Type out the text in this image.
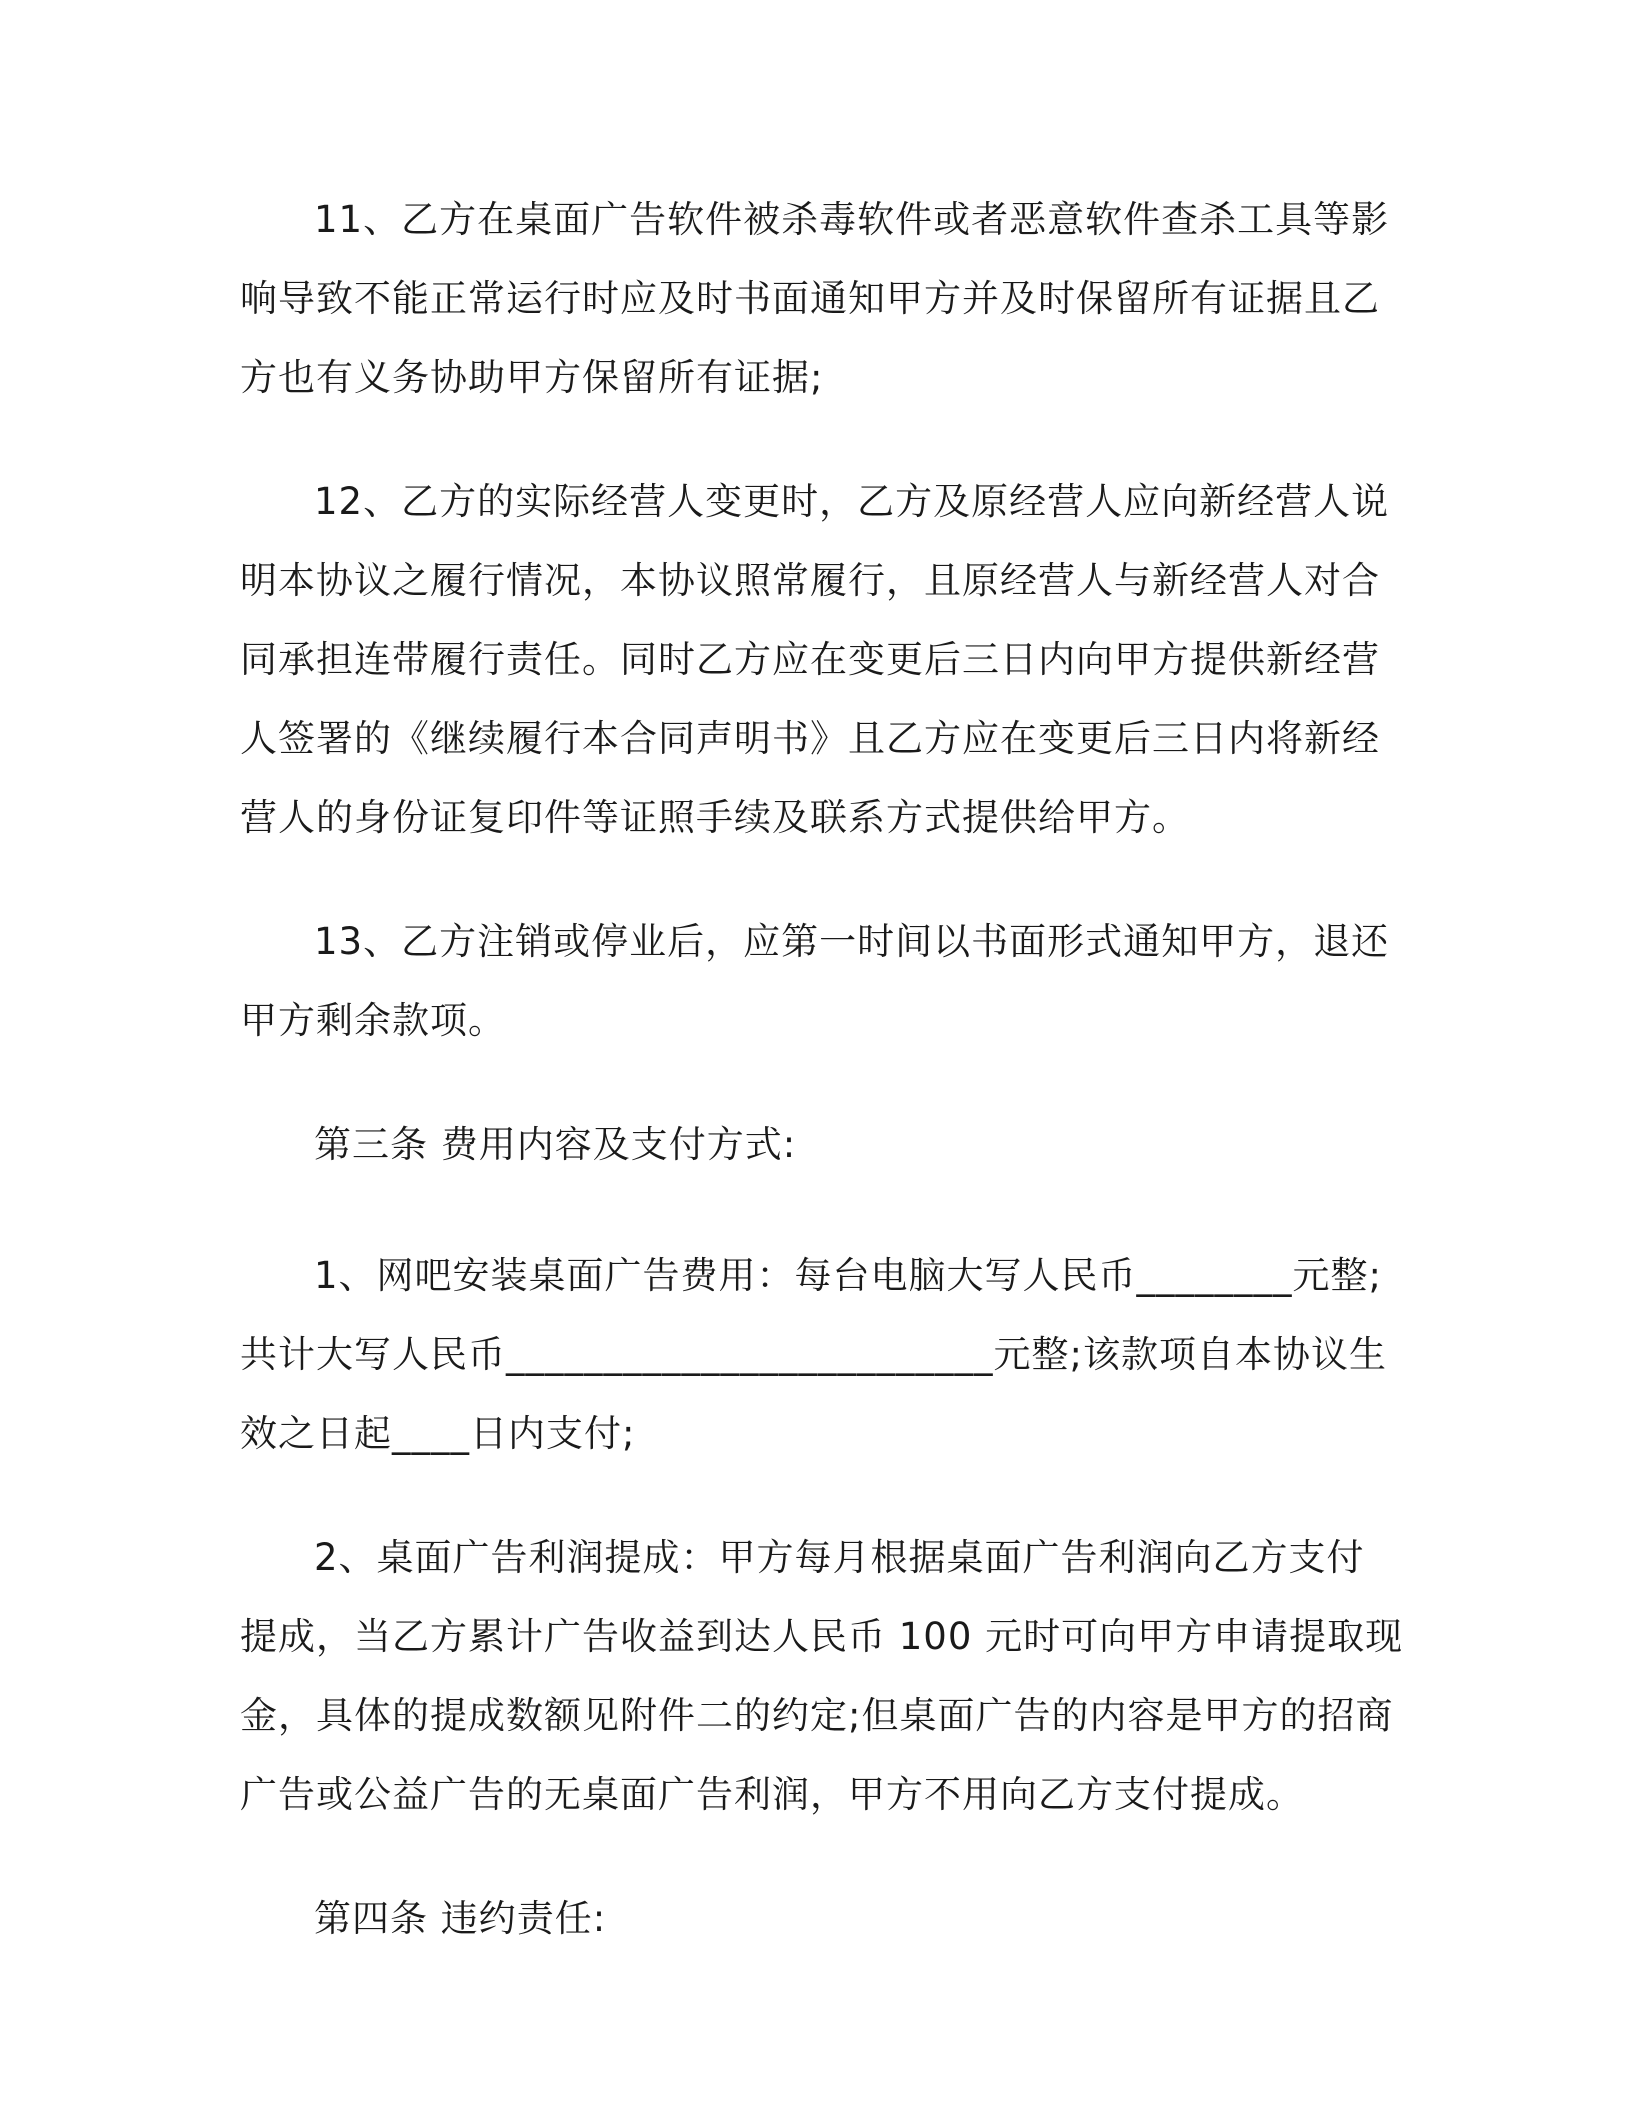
11、乙方在桌面广告软件被杀毒软件或者恶意软件查杀工具等影
响导致不能正常运行时应及时书面通知甲方并及时保留所有证据且乙
方也有义务协助甲方保留所有证据;

12、乙方的实际经营人变更时，乙方及原经营人应向新经营人说
明本协议之履行情况，本协议照常履行，且原经营人与新经营人对合
同承担连带履行责任。同时乙方应在变更后三日内向甲方提供新经营
人签署的《继续履行本合同声明书》且乙方应在变更后三日内将新经
营人的身份证复印件等证照手续及联系方式提供给甲方。

13、乙方注销或停业后，应第一时间以书面形式通知甲方，退还
甲方剩余款项。

第三条 费用内容及支付方式:

1、网吧安装桌面广告费用：每台电脑大写人民币________元整;
共计大写人民币_________________________元整;该款项自本协议生
效之日起____日内支付;

2、桌面广告利润提成：甲方每月根据桌面广告利润向乙方支付
提成，当乙方累计广告收益到达人民币 100 元时可向甲方申请提取现
金，具体的提成数额见附件二的约定;但桌面广告的内容是甲方的招商
广告或公益广告的无桌面广告利润，甲方不用向乙方支付提成。

第四条 违约责任:
